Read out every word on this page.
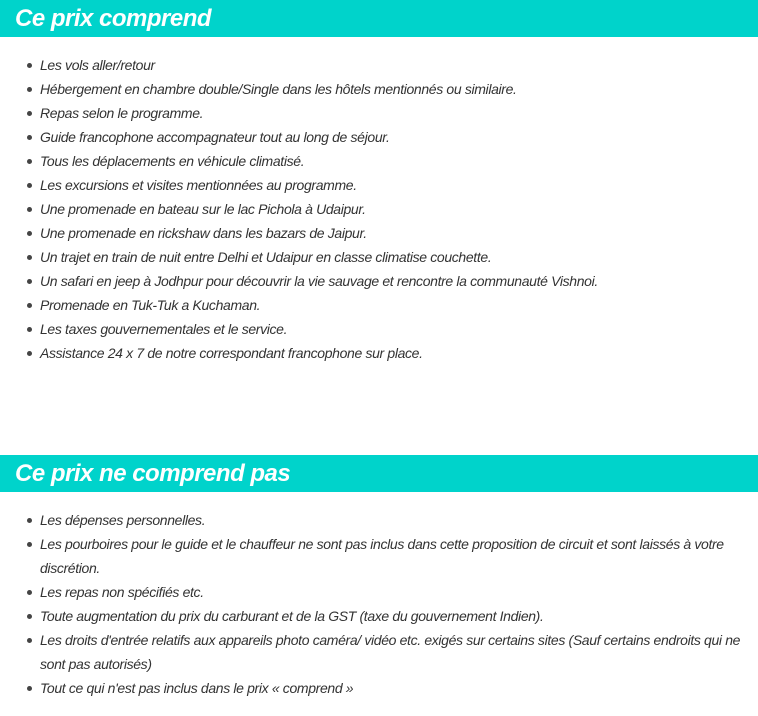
Ce prix comprend
Les vols aller/retour
Hébergement en chambre double/Single dans les hôtels mentionnés ou similaire.
Repas selon le programme.
Guide francophone accompagnateur tout au long de séjour.
Tous les déplacements en véhicule climatisé.
Les excursions et visites mentionnées au programme.
Une promenade en bateau sur le lac Pichola à Udaipur.
Une promenade en rickshaw dans les bazars de Jaipur.
Un trajet en train de nuit entre Delhi et Udaipur en classe climatise couchette.
Un safari en jeep à Jodhpur pour découvrir la vie sauvage et rencontre la communauté Vishnoi.
Promenade en Tuk-Tuk a Kuchaman.
Les taxes gouvernementales et le service.
Assistance 24 x 7 de notre correspondant francophone sur place.
Ce prix ne comprend pas
Les dépenses personnelles.
Les pourboires pour le guide et le chauffeur ne sont pas inclus dans cette proposition de circuit et sont laissés à votre discrétion.
Les repas non spécifiés etc.
Toute augmentation du prix du carburant et de la GST (taxe du gouvernement Indien).
Les droits d'entrée relatifs aux appareils photo caméra/ vidéo etc. exigés sur certains sites (Sauf certains endroits qui ne sont pas autorisés)
Tout ce qui n'est pas inclus dans le prix « comprend »
